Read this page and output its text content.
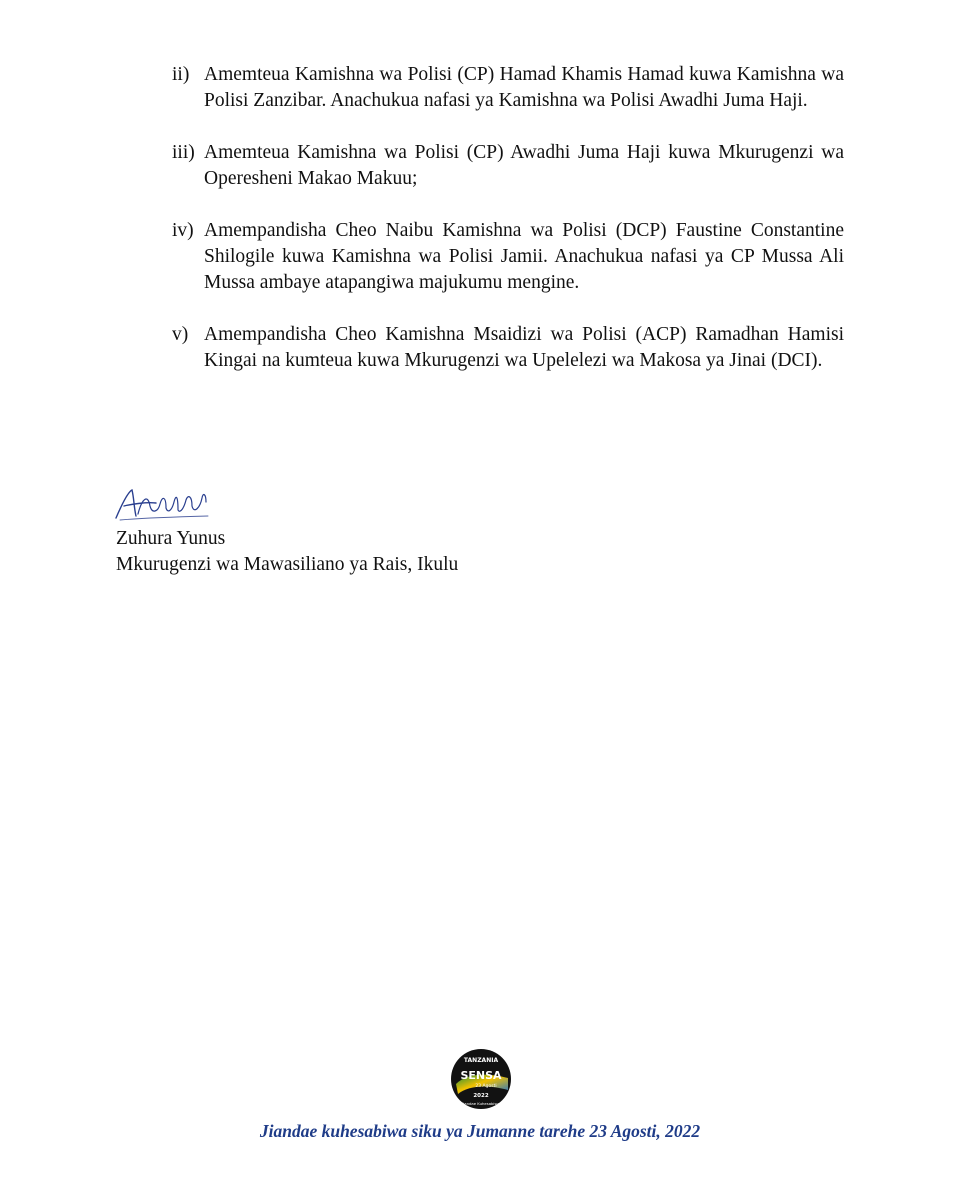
ii) Amemteua Kamishna wa Polisi (CP) Hamad Khamis Hamad kuwa Kamishna wa Polisi Zanzibar. Anachukua nafasi ya Kamishna wa Polisi Awadhi Juma Haji.
iii) Amemteua Kamishna wa Polisi (CP) Awadhi Juma Haji kuwa Mkurugenzi wa Operesheni Makao Makuu;
iv) Amempandisha Cheo Naibu Kamishna wa Polisi (DCP) Faustine Constantine Shilogile kuwa Kamishna wa Polisi Jamii. Anachukua nafasi ya CP Mussa Ali Mussa ambaye atapangiwa majukumu mengine.
v) Amempandisha Cheo Kamishna Msaidizi wa Polisi (ACP) Ramadhan Hamisi Kingai na kumteua kuwa Mkurugenzi wa Upelelezi wa Makosa ya Jinai (DCI).
Zuhura Yunus
Mkurugenzi wa Mawasiliano ya Rais, Ikulu
TANZANIA
SENSA
23 Agosti
2022
Jiandae Kuhesabiwa
Jiandae kuhesabiwa siku ya Jumanne tarehe 23 Agosti, 2022
